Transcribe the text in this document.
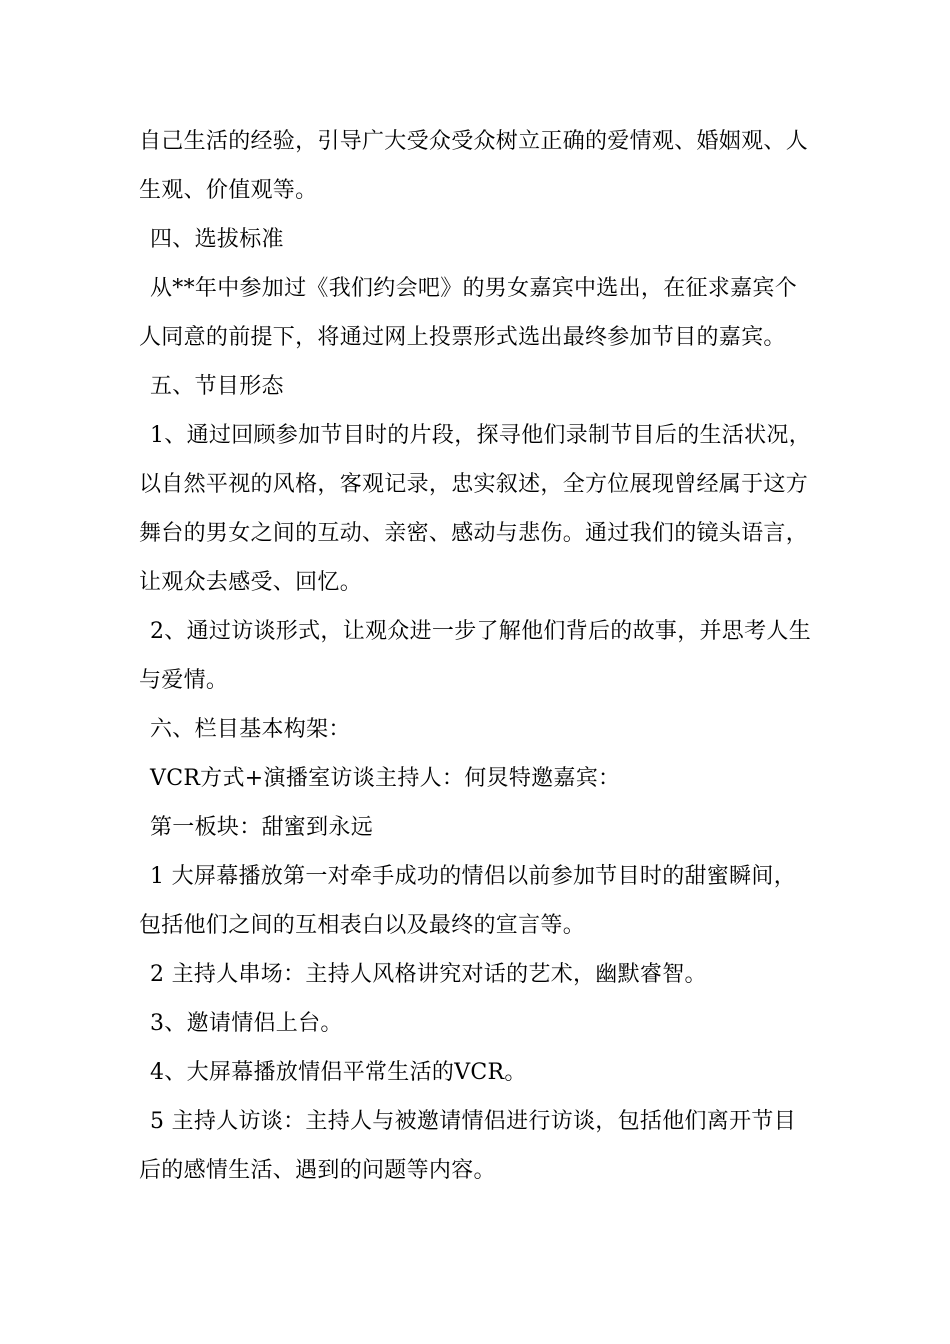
自己生活的经验，引导广大受众受众树立正确的爱情观、婚姻观、人
生观、价值观等。
四、选拔标准
从**年中参加过《我们约会吧》的男女嘉宾中选出，在征求嘉宾个
人同意的前提下，将通过网上投票形式选出最终参加节目的嘉宾。
五、节目形态
1、通过回顾参加节目时的片段，探寻他们录制节目后的生活状况，
以自然平视的风格，客观记录，忠实叙述，全方位展现曾经属于这方
舞台的男女之间的互动、亲密、感动与悲伤。通过我们的镜头语言，
让观众去感受、回忆。
2、通过访谈形式，让观众进一步了解他们背后的故事，并思考人生
与爱情。
六、栏目基本构架：
VCR方式+演播室访谈主持人：何炅特邀嘉宾：
第一板块：甜蜜到永远
1 大屏幕播放第一对牵手成功的情侣以前参加节目时的甜蜜瞬间，
包括他们之间的互相表白以及最终的宣言等。
2 主持人串场：主持人风格讲究对话的艺术，幽默睿智。
3、邀请情侣上台。
4、大屏幕播放情侣平常生活的VCR。
5 主持人访谈：主持人与被邀请情侣进行访谈，包括他们离开节目
后的感情生活、遇到的问题等内容。
